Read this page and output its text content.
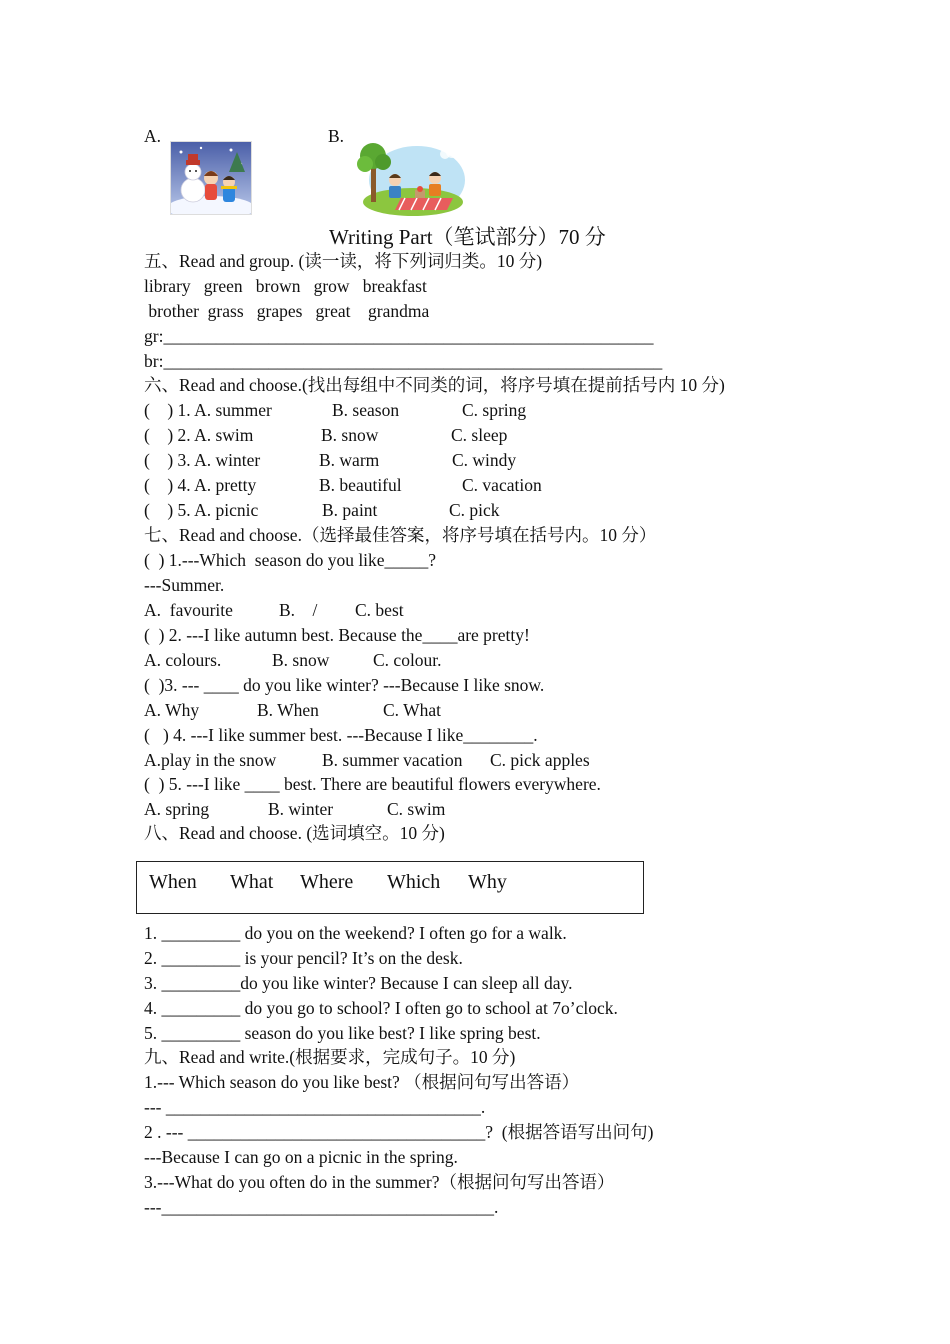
A.	B.
Writing Part（笔试部分）70 分
五、Read and group. (读一读，将下列词归类。10 分)
library   green   brown   grow   breakfast
brother  grass   grapes   great    grandma
gr:________________________________________________________
br:_________________________________________________________
六、Read and choose.(找出每组中不同类的词，将序号填在提前括号内 10 分)
(    ) 1. A. summer	B. season	C. spring
(    ) 2. A. swim	B. snow	C. sleep
(    ) 3. A. winter	B. warm	C. windy
(    ) 4. A. pretty	B. beautiful	C. vacation
(    ) 5. A. picnic	B. paint	C. pick
七、Read and choose.（选择最佳答案，将序号填在括号内。10 分）
(  ) 1.---Which  season do you like_____?
---Summer.
A.  favourite	B.    / C. best
(  ) 2. ---I like autumn best. Because the____are pretty!
A. colours.	B. snow C. colour.
(  )3. --- ____ do you like winter? ---Because I like snow.
A. Why	B. When	C. What
(   ) 4. ---I like summer best. ---Because I like________.
A.play in the snow	B. summer vacation C. pick apples
(  ) 5. ---I like ____ best. There are beautiful flowers everywhere.
A. spring	B. winter	C. swim
八、Read and choose. (选词填空。10 分)
When What Where Which Why
1. _________ do you on the weekend? I often go for a walk.
2. _________ is your pencil? It’s on the desk.
3. _________do you like winter? Because I can sleep all day.
4. _________ do you go to school? I often go to school at 7o’clock.
5. _________ season do you like best? I like spring best.
九、Read and write.(根据要求，完成句子。10 分)
1.--- Which season do you like best? （根据问句写出答语）
--- ____________________________________.
2 . --- __________________________________?  (根据答语写出问句)
---Because I can go on a picnic in the spring.
3.---What do you often do in the summer?（根据问句写出答语）
---______________________________________.
